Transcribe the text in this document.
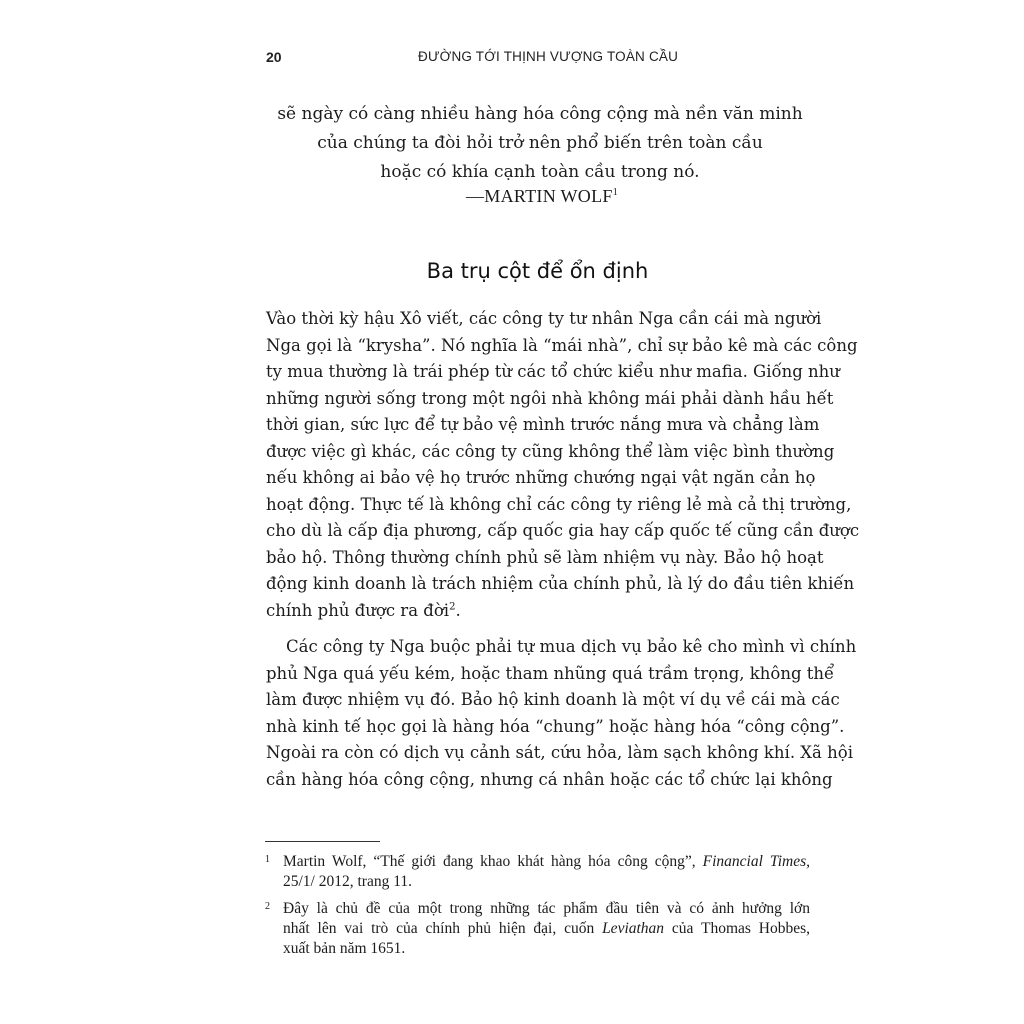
20	ĐƯỜNG TỚI THỊNH VƯỢNG TOÀN CẦU
sẽ ngày có càng nhiều hàng hóa công cộng mà nền văn minh
của chúng ta đòi hỏi trở nên phổ biến trên toàn cầu
hoặc có khía cạnh toàn cầu trong nó.
—MARTIN WOLF$^1$
Ba trụ cột để ổn định
Vào thời kỳ hậu Xô viết, các công ty tư nhân Nga cần cái mà người
Nga gọi là “krysha”. Nó nghĩa là “mái nhà”, chỉ sự bảo kê mà các công
ty mua thường là trái phép từ các tổ chức kiểu như mafia. Giống như
những người sống trong một ngôi nhà không mái phải dành hầu hết
thời gian, sức lực để tự bảo vệ mình trước nắng mưa và chẳng làm
được việc gì khác, các công ty cũng không thể làm việc bình thường
nếu không ai bảo vệ họ trước những chướng ngại vật ngăn cản họ
hoạt động. Thực tế là không chỉ các công ty riêng lẻ mà cả thị trường,
cho dù là cấp địa phương, cấp quốc gia hay cấp quốc tế cũng cần được
bảo hộ. Thông thường chính phủ sẽ làm nhiệm vụ này. Bảo hộ hoạt
động kinh doanh là trách nhiệm của chính phủ, là lý do đầu tiên khiến
chính phủ được ra đời$^2$.
Các công ty Nga buộc phải tự mua dịch vụ bảo kê cho mình vì chính
phủ Nga quá yếu kém, hoặc tham nhũng quá trầm trọng, không thể
làm được nhiệm vụ đó. Bảo hộ kinh doanh là một ví dụ về cái mà các
nhà kinh tế học gọi là hàng hóa “chung” hoặc hàng hóa “công cộng”.
Ngoài ra còn có dịch vụ cảnh sát, cứu hỏa, làm sạch không khí. Xã hội
cần hàng hóa công cộng, nhưng cá nhân hoặc các tổ chức lại không
1 Martin Wolf, “Thế giới đang khao khát hàng hóa công cộng”, Financial Times,
25/1/ 2012, trang 11.
2 Đây là chủ đề của một trong những tác phẩm đầu tiên và có ảnh hưởng lớn
nhất lên vai trò của chính phủ hiện đại, cuốn Leviathan của Thomas Hobbes,
xuất bản năm 1651.
